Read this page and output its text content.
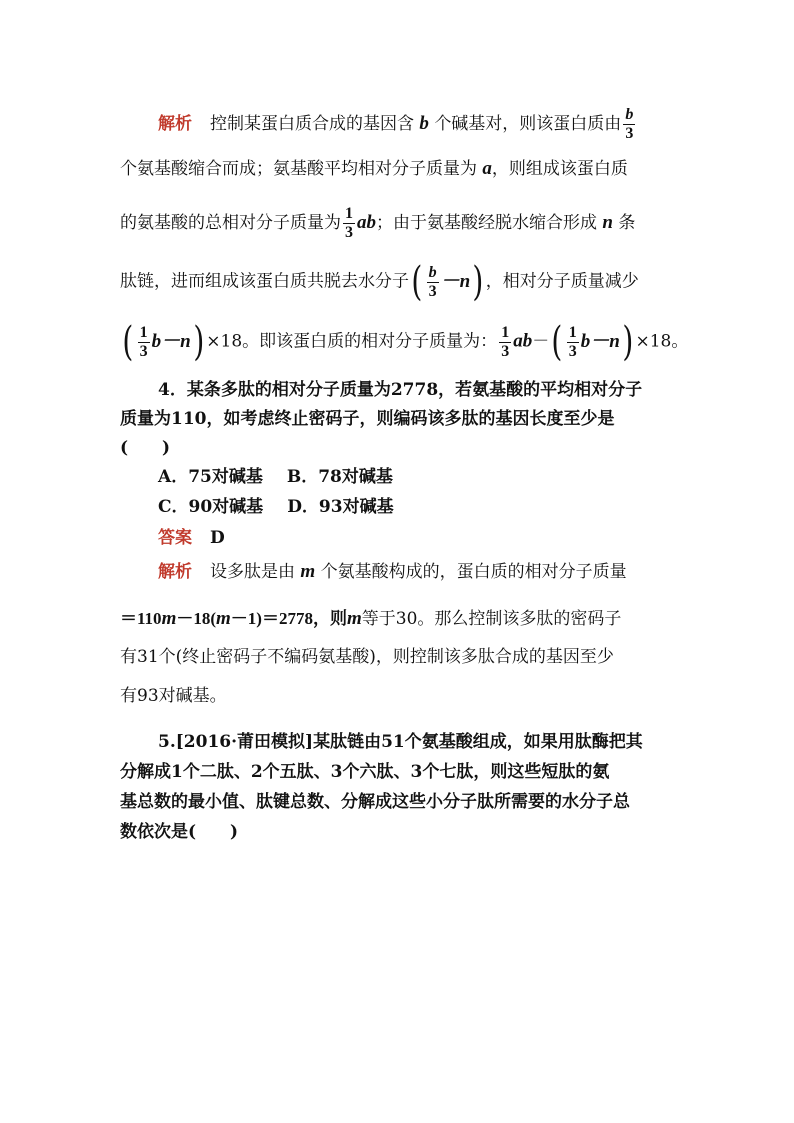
解析 控制某蛋白质合成的基因含 b 个碱基对，则该蛋白质由 $\frac{b}{3}$
个氨基酸缩合而成；氨基酸平均相对分子质量为 a，则组成该蛋白质
的氨基酸的总相对分子质量为 $\frac{1}{3}$ ab；由于氨基酸经脱水缩合形成 n 条
肽链，进而组成该蛋白质共脱去水分子 ( $\frac{b}{3} -n$ ) ，相对分子质量减少
( $\frac{1}{3} b-n$ ) ×18。即该蛋白质的相对分子质量为： $\frac{1}{3} ab-$ ( $\frac{1}{3} b-n$ ) ×18。
4．某条多肽的相对分子质量为2778，若氨基酸的平均相对分子
质量为110，如考虑终止密码子，则编码该多肽的基因长度至少是
(　　)
A．75对碱基 B．78对碱基
C．90对碱基 D．93对碱基
答案 D
解析 设多肽是由 m 个氨基酸构成的，蛋白质的相对分子质量
＝110m－18(m－1)＝2778，则m等于30。那么控制该多肽的密码子
有31个(终止密码子不编码氨基酸)，则控制该多肽合成的基因至少
有93对碱基。
5.[2016·莆田模拟]某肽链由51个氨基酸组成，如果用肽酶把其
分解成1个二肽、2个五肽、3个六肽、3个七肽，则这些短肽的氨
基总数的最小值、肽键总数、分解成这些小分子肽所需要的水分子总
数依次是(　　)
